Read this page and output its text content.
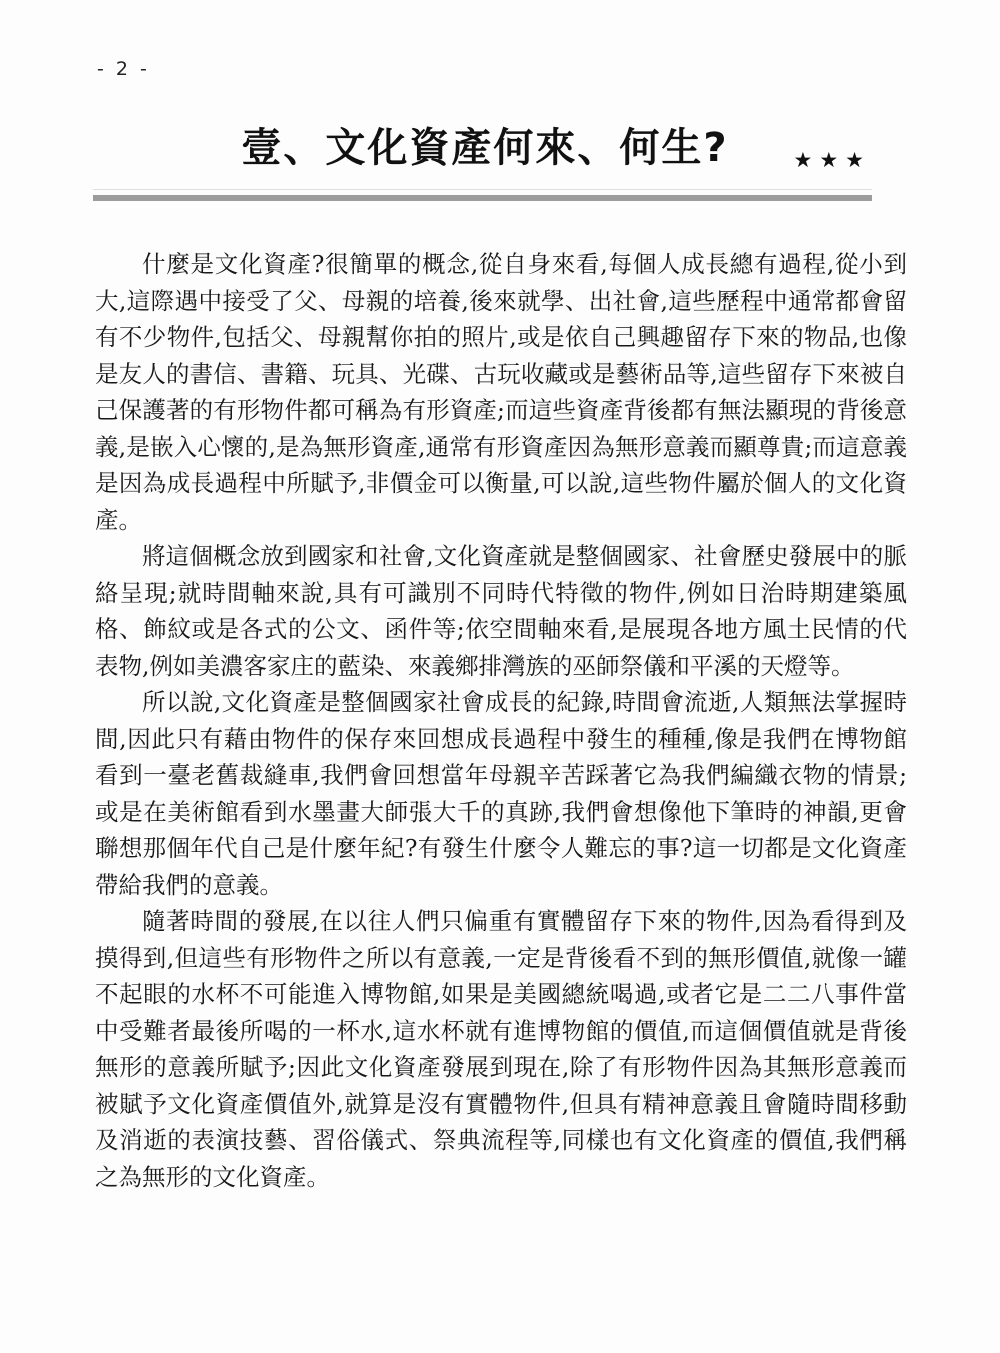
- 2 -
壹、文化資產何來、何生?	★★★

什麼是文化資產?很簡單的概念,從自身來看,每個人成長總有過程,從小到大,這際遇中接受了父、母親的培養,後來就學、出社會,這些歷程中通常都會留有不少物件,包括父、母親幫你拍的照片,或是依自己興趣留存下來的物品,也像是友人的書信、書籍、玩具、光碟、古玩收藏或是藝術品等,這些留存下來被自己保護著的有形物件都可稱為有形資產;而這些資產背後都有無法顯現的背後意義,是嵌入心懷的,是為無形資產,通常有形資產因為無形意義而顯尊貴;而這意義是因為成長過程中所賦予,非價金可以衡量,可以說,這些物件屬於個人的文化資產。

將這個概念放到國家和社會,文化資產就是整個國家、社會歷史發展中的脈絡呈現;就時間軸來說,具有可識別不同時代特徵的物件,例如日治時期建築風格、飾紋或是各式的公文、函件等;依空間軸來看,是展現各地方風土民情的代表物,例如美濃客家庄的藍染、來義鄉排灣族的巫師祭儀和平溪的天燈等。

所以說,文化資產是整個國家社會成長的紀錄,時間會流逝,人類無法掌握時間,因此只有藉由物件的保存來回想成長過程中發生的種種,像是我們在博物館看到一臺老舊裁縫車,我們會回想當年母親辛苦踩著它為我們編織衣物的情景;或是在美術館看到水墨畫大師張大千的真跡,我們會想像他下筆時的神韻,更會聯想那個年代自己是什麼年紀?有發生什麼令人難忘的事?這一切都是文化資產帶給我們的意義。

隨著時間的發展,在以往人們只偏重有實體留存下來的物件,因為看得到及摸得到,但這些有形物件之所以有意義,一定是背後看不到的無形價值,就像一罐不起眼的水杯不可能進入博物館,如果是美國總統喝過,或者它是二二八事件當中受難者最後所喝的一杯水,這水杯就有進博物館的價值,而這個價值就是背後無形的意義所賦予;因此文化資產發展到現在,除了有形物件因為其無形意義而被賦予文化資產價值外,就算是沒有實體物件,但具有精神意義且會隨時間移動及消逝的表演技藝、習俗儀式、祭典流程等,同樣也有文化資產的價值,我們稱之為無形的文化資產。
